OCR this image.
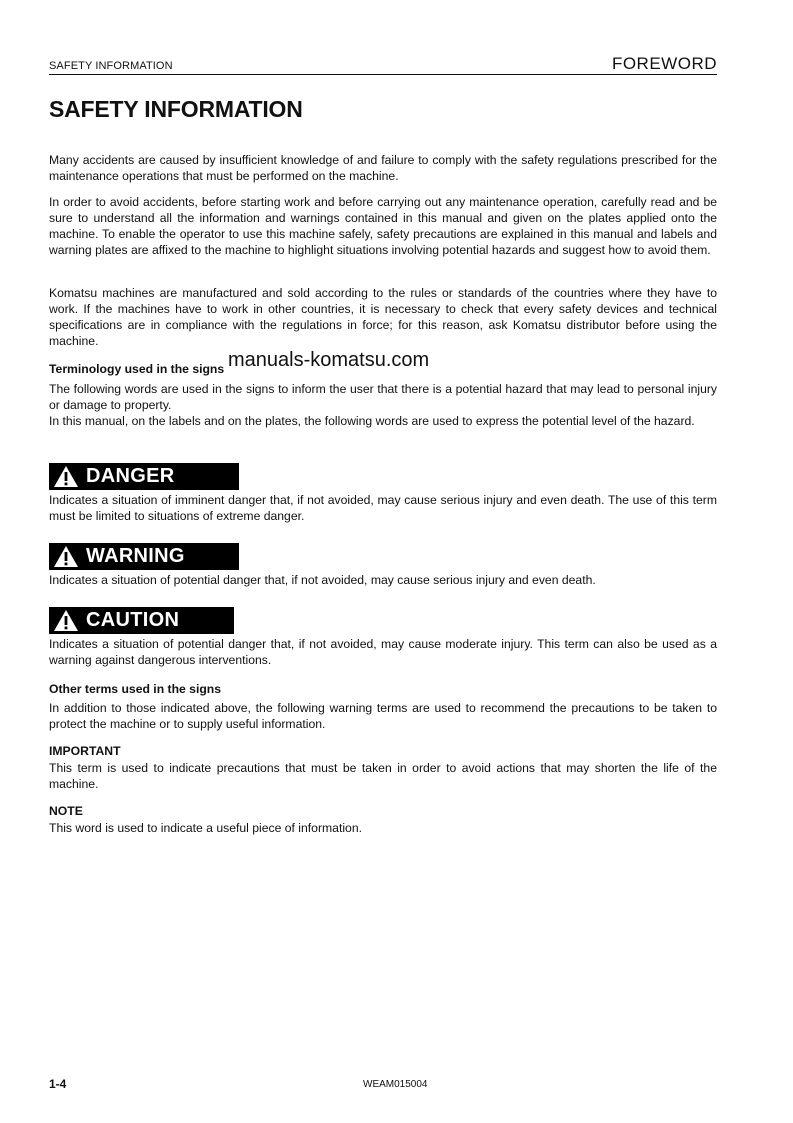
SAFETY INFORMATION	FOREWORD
SAFETY INFORMATION

Many accidents are caused by insufficient knowledge of and failure to comply with the safety regulations prescribed for the maintenance operations that must be performed on the machine.

In order to avoid accidents, before starting work and before carrying out any maintenance operation, carefully read and be sure to understand all the information and warnings contained in this manual and given on the plates applied onto the machine. To enable the operator to use this machine safely, safety precautions are explained in this manual and labels and warning plates are affixed to the machine to highlight situations involving potential hazards and suggest how to avoid them.

Komatsu machines are manufactured and sold according to the rules or standards of the countries where they have to work. If the machines have to work in other countries, it is necessary to check that every safety devices and technical specifications are in compliance with the regulations in force; for this reason, ask Komatsu distributor before using the machine.

Terminology used in the signs manuals-komatsu.com

The following words are used in the signs to inform the user that there is a potential hazard that may lead to personal injury or damage to property.

In this manual, on the labels and on the plates, the following words are used to express the potential level of the hazard.

DANGER

Indicates a situation of imminent danger that, if not avoided, may cause serious injury and even death. The use of this term must be limited to situations of extreme danger.

WARNING

Indicates a situation of potential danger that, if not avoided, may cause serious injury and even death.

CAUTION

Indicates a situation of potential danger that, if not avoided, may cause moderate injury. This term can also be used as a warning against dangerous interventions.

Other terms used in the signs

In addition to those indicated above, the following warning terms are used to recommend the precautions to be taken to protect the machine or to supply useful information.

IMPORTANT

This term is used to indicate precautions that must be taken in order to avoid actions that may shorten the life of the machine.

NOTE

This word is used to indicate a useful piece of information.

1-4	WEAM015004
